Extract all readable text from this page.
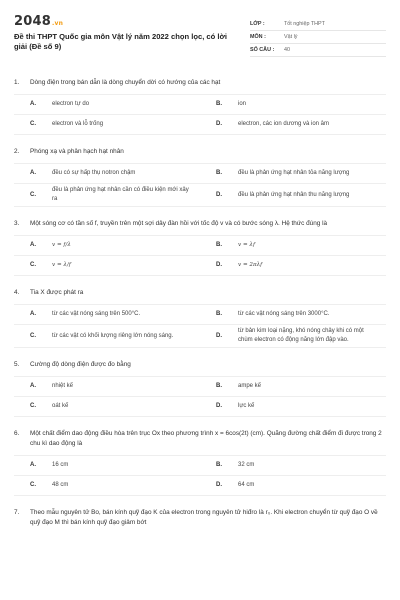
2048.vn
Đề thi THPT Quốc gia môn Vật lý năm 2022 chọn lọc, có lời giải (Đề số 9)
LỚP :	Tốt nghiệp THPT
MÔN :	Vật lý
SỐ CÂU :	40
1.	Dòng điện trong bán dẫn là dòng chuyển dời có hướng của các hạt
A .	electron tự do	B .	ion
C .	electron và lỗ trống	D .	electron, các ion dương và ion âm
2.	Phóng xạ và phân hạch hạt nhân
A .	đều có sự hấp thụ notron chậm	B .	đều là phản ứng hạt nhân tỏa năng lượng
C .
đều là phản ứng hạt nhân cần có điều kiện mới xảy ra
D .	đều là phản ứng hạt nhân thu năng lượng
3.	Một sóng cơ có tần số f, truyền trên một sợi dây đàn hồi với tốc độ v và có bước sóng λ. Hệ thức đúng là
A .	v = f/λ	B .	v = λf
C .	v = λ/f	D .	v = 2πλf
4.	Tia X được phát ra
A .	từ các vật nóng sáng trên 500°C.	B .	từ các vật nóng sáng trên 3000°C.
C .	từ các vật có khối lượng riêng lớn nóng sáng.	D .
từ bản kim loại nặng, khó nóng chảy khi có một chùm electron có động năng lớn đập vào.
5.	Cường độ dòng điện được đo bằng
A .	nhiệt kế	B .	ampe kế
C .	oát kế	D .	lực kế
6.	Một chất điểm dao động điều hòa trên trục Ox theo phương trình x = 6cos(2t) (cm). Quãng đường chất điểm đi được trong 2 chu kì dao động là
A .	16 cm	B .	32 cm
C .	48 cm	D .	64 cm
7.	Theo mẫu nguyên tử Bo, bán kính quỹ đạo K của electron trong nguyên tử hiđro là r₀. Khi electron chuyển từ quỹ đạo O về quỹ đạo M thì bán kính quỹ đạo giảm bớt
